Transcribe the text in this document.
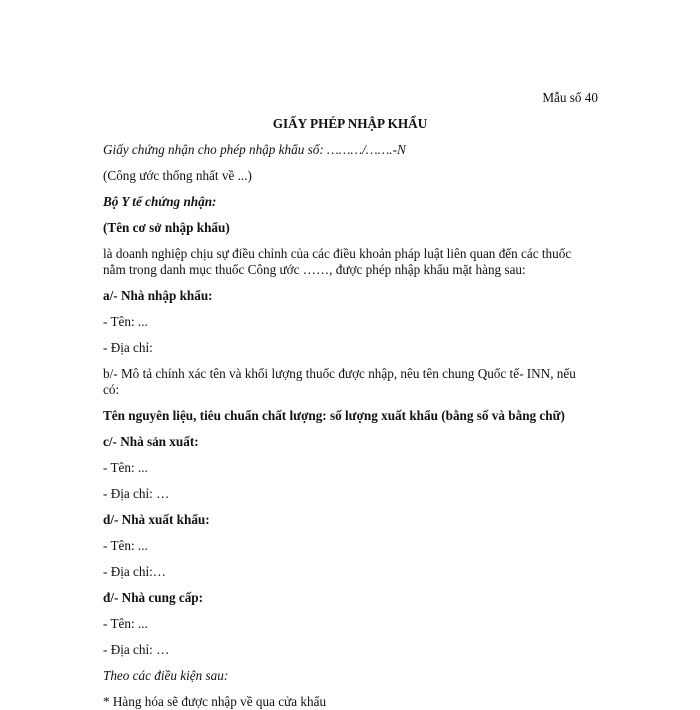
Mẫu số 40
GIẤY PHÉP NHẬP KHẨU
Giấy chứng nhận cho phép nhập khẩu số: ………/…….-N
(Công ước thống nhất về ...)
Bộ Y tế chứng nhận:
(Tên cơ sở nhập khẩu)
là doanh nghiệp chịu sự điều chỉnh của các điều khoản pháp luật liên quan đến các thuốc
nằm trong danh mục thuốc Công ước ……, được phép nhập khẩu mặt hàng sau:
a/- Nhà nhập khẩu:
- Tên: ...
- Địa chỉ:
b/- Mô tả chính xác tên và khối lượng thuốc được nhập, nêu tên chung Quốc tế- INN, nếu
có:
Tên nguyên liệu, tiêu chuẩn chất lượng: số lượng xuất khẩu (bằng số và bằng chữ)
c/- Nhà sản xuất:
- Tên: ...
- Địa chỉ: …
d/- Nhà xuất khẩu:
- Tên: ...
- Địa chỉ:…
đ/- Nhà cung cấp:
- Tên: ...
- Địa chỉ: …
Theo các điều kiện sau:
* Hàng hóa sẽ được nhập về qua cửa khẩu
